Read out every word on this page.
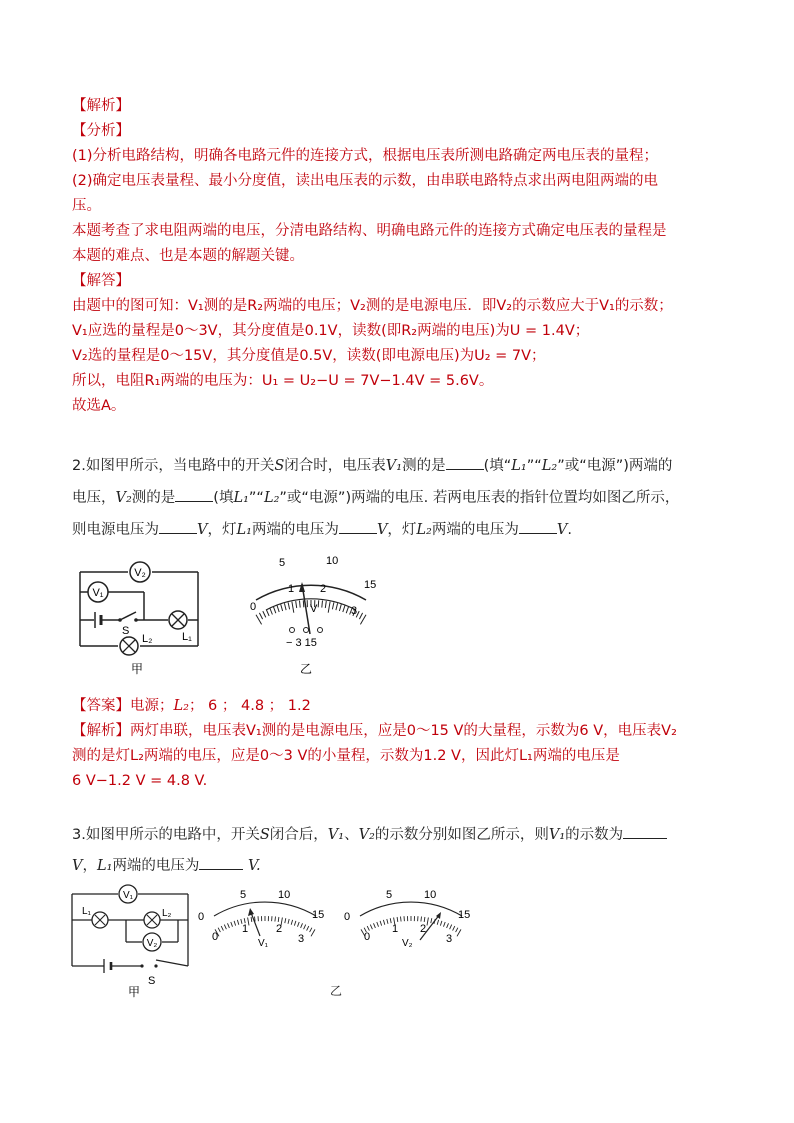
【解析】
【分析】
(1)分析电路结构，明确各电路元件的连接方式，根据电压表所测电路确定两电压表的量程；
(2)确定电压表量程、最小分度值，读出电压表的示数，由串联电路特点求出两电阻两端的电
压。
本题考查了求电阻两端的电压，分清电路结构、明确电路元件的连接方式确定电压表的量程是
本题的难点、也是本题的解题关键。
【解答】
由题中的图可知：V₁测的是R₂两端的电压；V₂测的是电源电压．即V₂的示数应大于V₁的示数；
V₁应选的量程是0～3V，其分度值是0.1V，读数(即R₂两端的电压)为U = 1.4V；
V₂选的量程是0～15V，其分度值是0.5V，读数(即电源电压)为U₂ = 7V；
所以，电阻R₁两端的电压为：U₁ = U₂−U = 7V−1.4V = 5.6V。
故选A。
2.如图甲所示，当电路中的开关S闭合时，电压表V₁测的是	(填“L₁”“L₂”或“电源”)两端的
电压，V₂测的是	(填L₁”“L₂”或“电源”)两端的电压. 若两电压表的指针位置均如图乙所示，
则电源电压为	V，灯L₁两端的电压为	V，灯L₂两端的电压为	V.
V₂
V₁
S	L₁
L₂
甲
5	10
15
0
1 2
3
V
− 3 15
乙
【答案】电源；L₂； 6 ； 4.8 ； 1.2
【解析】两灯串联，电压表V₁测的是电源电压，应是0～15 V的大量程，示数为6 V，电压表V₂
测的是灯L₂两端的电压，应是0～3 V的小量程，示数为1.2 V，因此灯L₁两端的电压是
6 V−1.2 V = 4.8 V.
3.如图甲所示的电路中，开关S闭合后，V₁、V₂的示数分别如图乙所示，则V₁的示数为
V，L₁两端的电压为	V.
S
V₁
L₁	L₂
V₂
甲
5	10
15
0
0
1	2
3
V₁
5	10
15
0
0
1 2
3
V₂
乙
